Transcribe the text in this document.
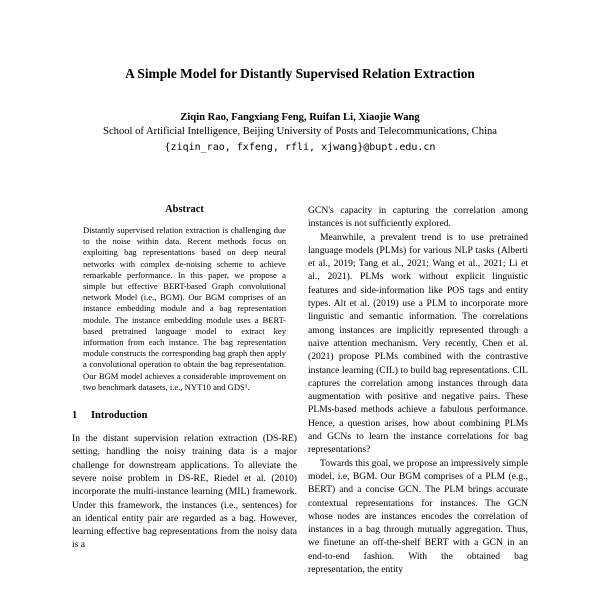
A Simple Model for Distantly Supervised Relation Extraction
Ziqin Rao, Fangxiang Feng, Ruifan Li, Xiaojie Wang
School of Artificial Intelligence, Beijing University of Posts and Telecommunications, China
{ziqin_rao, fxfeng, rfli, xjwang}@bupt.edu.cn
Abstract

Distantly supervised relation extraction is challenging due to the noise within data. Recent methods focus on exploiting bag representations based on deep neural networks with complex de-noising scheme to achieve remarkable performance. In this paper, we propose a simple but effective BERT-based Graph convolutional network Model (i.e., BGM). Our BGM comprises of an instance embedding module and a bag representation module. The instance embedding module uses a BERT-based pretrained language model to extract key information from each instance. The bag representation module constructs the corresponding bag graph then apply a convolutional operation to obtain the bag representation. Our BGM model achieves a considerable improvement on two benchmark datasets, i.e., NYT10 and GDS¹.

1 Introduction

In the distant supervision relation extraction (DS-RE) setting, handling the noisy training data is a major challenge for downstream applications. To alleviate the severe noise problem in DS-RE, Riedel et al. (2010) incorporate the multi-instance learning (MIL) framework. Under this framework, the instances (i.e., sentences) for an identical entity pair are regarded as a bag. However, learning effective bag representations from the noisy data is a

GCN's capacity in capturing the correlation among instances is not sufficiently explored.

Meanwhile, a prevalent trend is to use pretrained language models (PLMs) for various NLP tasks (Alberti et al., 2019; Tang et al., 2021; Wang et al., 2021; Li et al., 2021). PLMs work without explicit linguistic features and side-information like POS tags and entity types. Alt et al. (2019) use a PLM to incorporate more linguistic and semantic information. The correlations among instances are implicitly represented through a naive attention mechanism. Very recently, Chen et al. (2021) propose PLMs combined with the contrastive instance learning (CIL) to build bag representations. CIL captures the correlation among instances through data augmentation with positive and negative pairs. These PLMs-based methods achieve a fabulous performance. Hence, a question arises, how about combining PLMs and GCNs to learn the instance correlations for bag representations?

Towards this goal, we propose an impressively simple model, i.e, BGM. Our BGM comprises of a PLM (e.g., BERT) and a concise GCN. The PLM brings accurate contextual representations for instances. The GCN whose nodes are instances encodes the correlation of instances in a bag through mutually aggregation. Thus, we finetune an off-the-shelf BERT with a GCN in an end-to-end fashion. With the obtained bag representation, the entity
